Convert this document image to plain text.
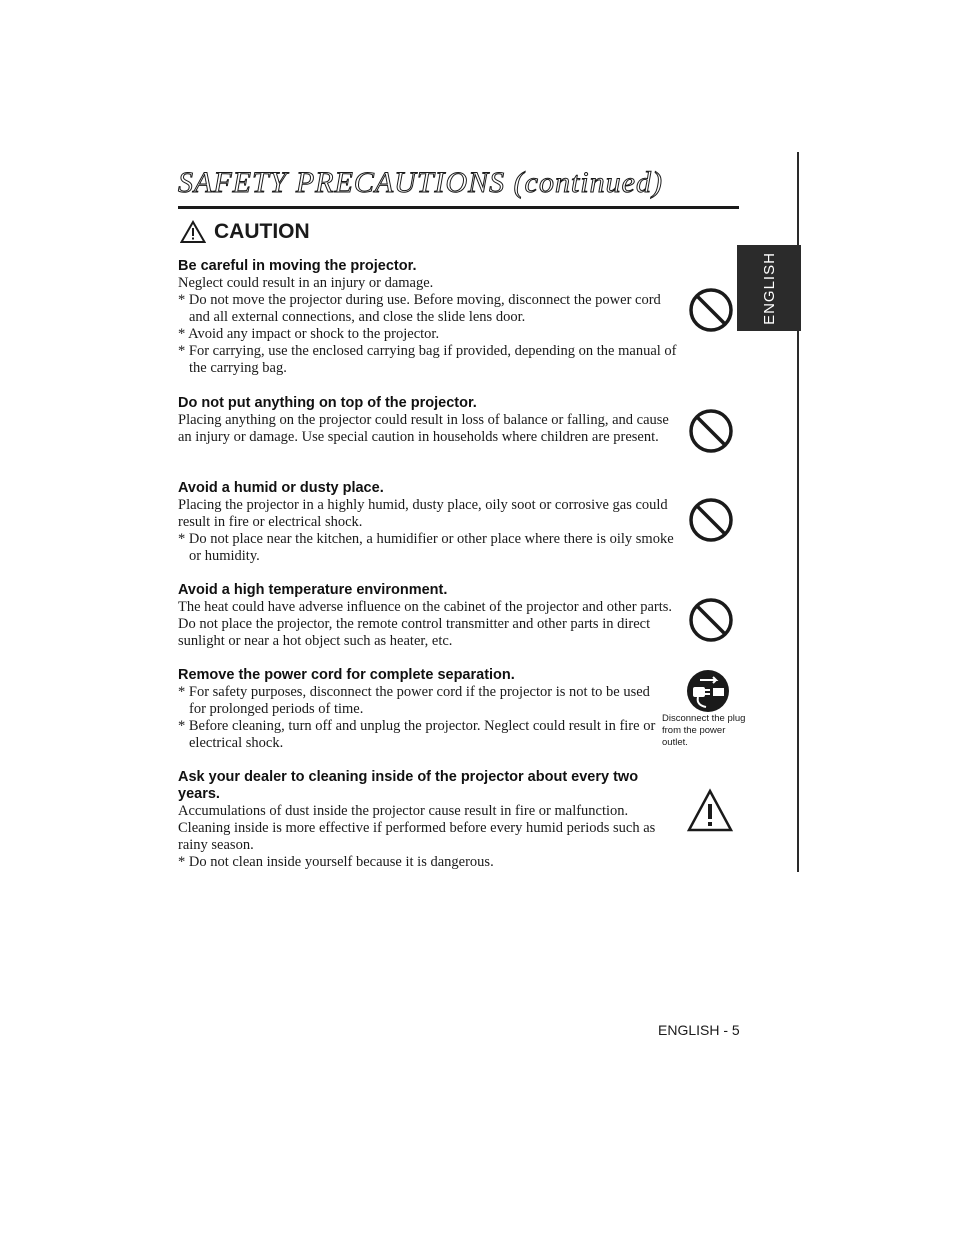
ENGLISH
SAFETY PRECAUTIONS (continued)
CAUTION
Be careful in moving the projector.

Neglect could result in an injury or damage.

* Do not move the projector during use. Before moving, disconnect the power cord and all external connections, and close the slide lens door.

* Avoid any impact or shock to the projector.

* For carrying, use the enclosed carrying bag if provided, depending on the manual of the carrying bag.

Do not put anything on top of the projector.

Placing anything on the projector could result in loss of balance or falling, and cause an injury or damage. Use special caution in households where children are present.

Avoid a humid or dusty place.

Placing the projector in a highly humid, dusty place, oily soot or corrosive gas could result in fire or electrical shock.

* Do not place near the kitchen, a humidifier or other place where there is oily smoke or humidity.

Avoid a high temperature environment.

The heat could have adverse influence on the cabinet of the projector and other parts. Do not place the projector, the remote control transmitter and other parts in direct sunlight or near a hot object such as heater, etc.

Remove the power cord for complete separation.

* For safety purposes, disconnect the power cord if the projector is not to be used for prolonged periods of time.

* Before cleaning, turn off and unplug the projector. Neglect could result in fire or electrical shock.

Disconnect the plug from the power outlet.
Ask your dealer to cleaning inside of the projector about every two years.

Accumulations of dust inside the projector cause result in fire or malfunction. Cleaning inside is more effective if performed before every humid periods such as rainy season.

* Do not clean inside yourself because it is dangerous.

ENGLISH - 5
